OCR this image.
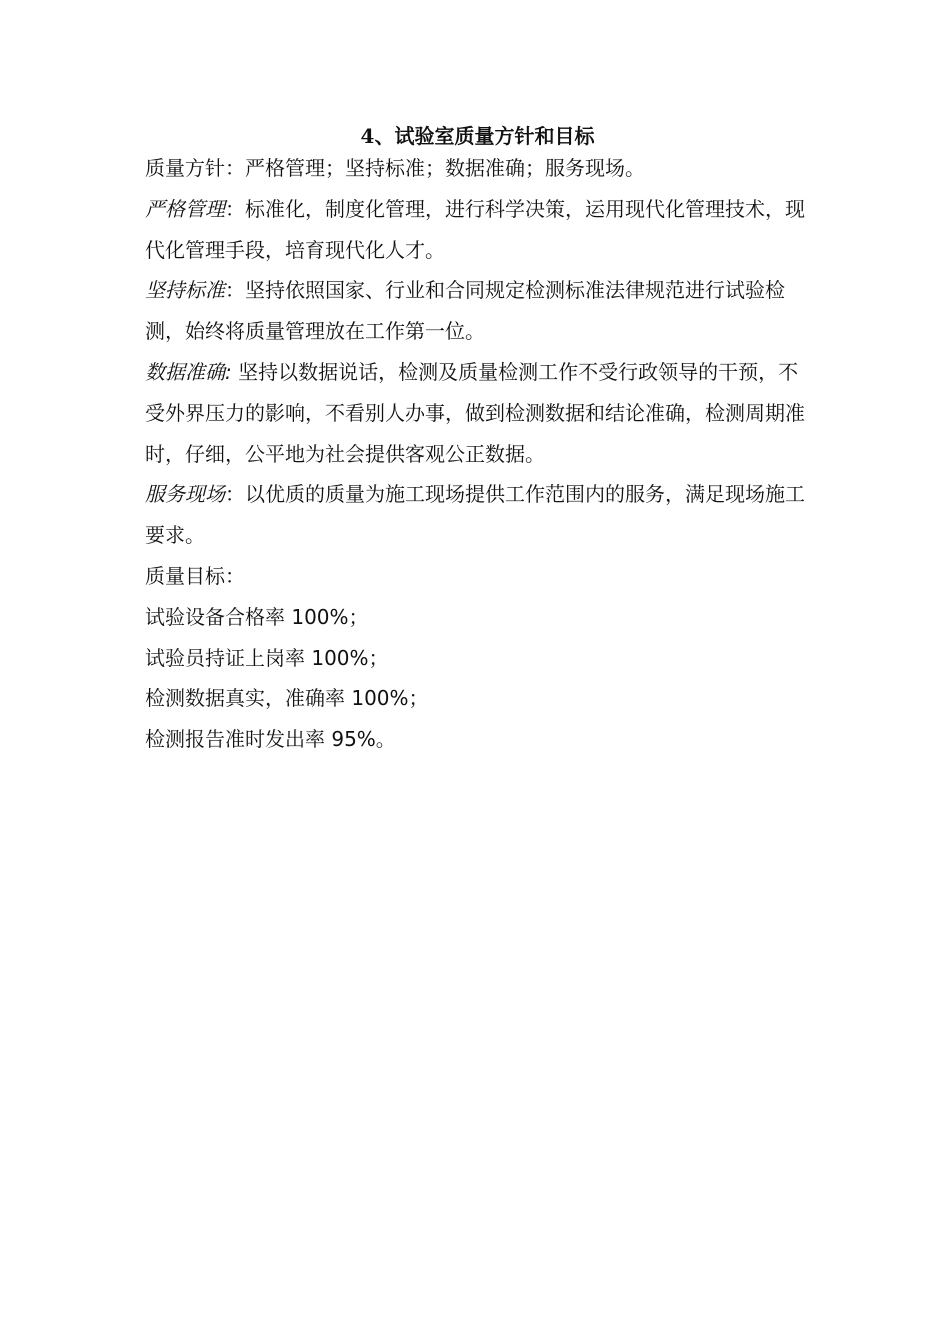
4、试验室质量方针和目标

质量方针：严格管理；坚持标准；数据准确；服务现场。

严格管理：标准化，制度化管理，进行科学决策，运用现代化管理技术，现代化管理手段，培育现代化人才。

坚持标准：坚持依照国家、行业和合同规定检测标准法律规范进行试验检测，始终将质量管理放在工作第一位。

数据准确: 坚持以数据说话，检测及质量检测工作不受行政领导的干预，不受外界压力的影响，不看别人办事，做到检测数据和结论准确，检测周期准时，仔细，公平地为社会提供客观公正数据。

服务现场：以优质的质量为施工现场提供工作范围内的服务，满足现场施工要求。

质量目标：

试验设备合格率 100%；

试验员持证上岗率 100%；

检测数据真实，准确率 100%；

检测报告准时发出率 95%。
